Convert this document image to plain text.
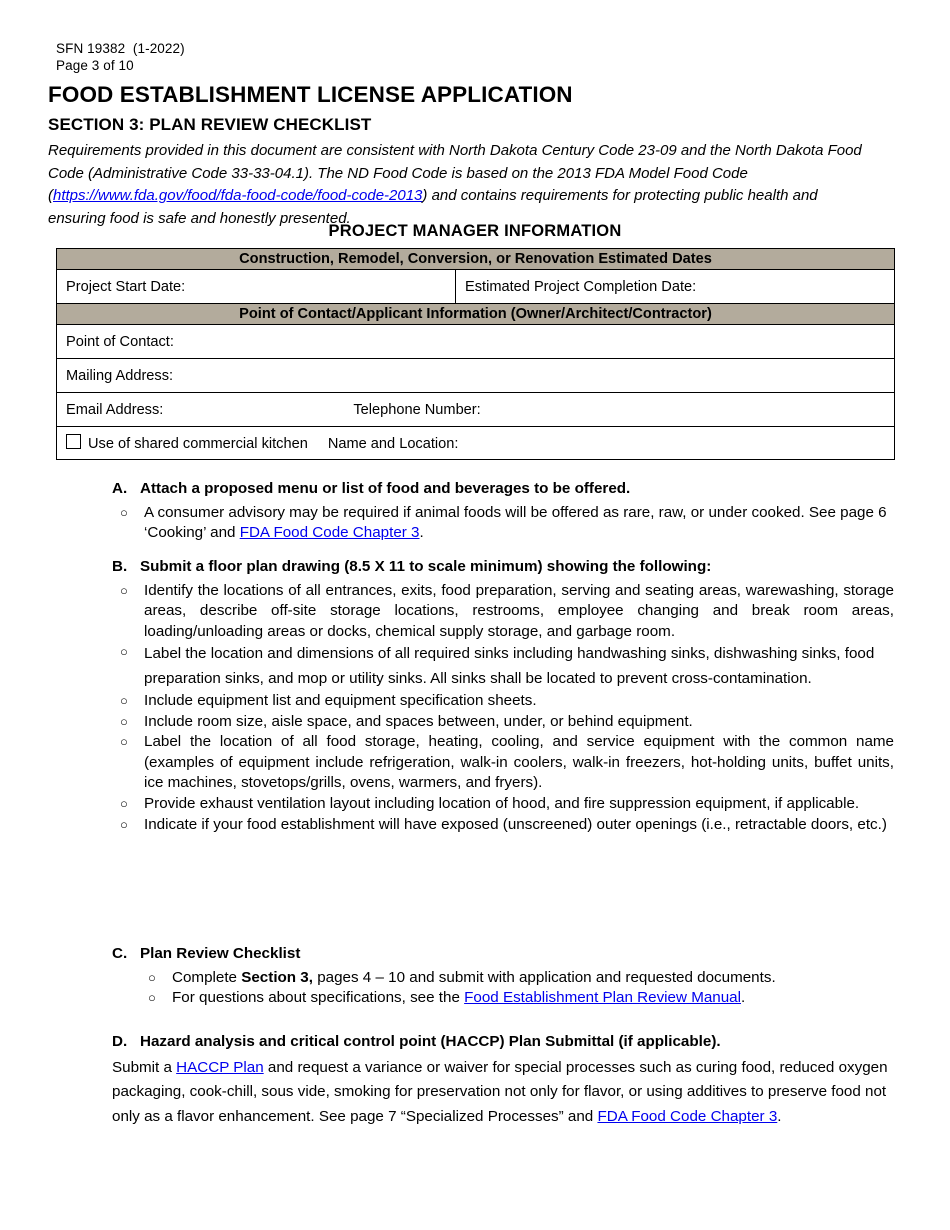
SFN 19382  (1-2022)
Page 3 of 10
FOOD ESTABLISHMENT LICENSE APPLICATION
SECTION 3: PLAN REVIEW CHECKLIST
Requirements provided in this document are consistent with North Dakota Century Code 23-09 and the North Dakota Food Code (Administrative Code 33-33-04.1). The ND Food Code is based on the 2013 FDA Model Food Code (https://www.fda.gov/food/fda-food-code/food-code-2013) and contains requirements for protecting public health and ensuring food is safe and honestly presented.
PROJECT MANAGER INFORMATION
Construction, Remodel, Conversion, or Renovation Estimated Dates
Project Start Date:	Estimated Project Completion Date:
Point of Contact/Applicant Information (Owner/Architect/Contractor)
Point of Contact:
Mailing Address:
Email Address:	Telephone Number:
Use of shared commercial kitchen Name and Location:
A. Attach a proposed menu or list of food and beverages to be offered.
○ A consumer advisory may be required if animal foods will be offered as rare, raw, or under cooked. See page 6 ‘Cooking’ and FDA Food Code Chapter 3.
B. Submit a floor plan drawing (8.5 X 11 to scale minimum) showing the following:
○ Identify the locations of all entrances, exits, food preparation, serving and seating areas, warewashing, storage areas, describe off-site storage locations, restrooms, employee changing and break room areas, loading/unloading areas or docks, chemical supply storage, and garbage room.
○ Label the location and dimensions of all required sinks including handwashing sinks, dishwashing sinks, food preparation sinks, and mop or utility sinks. All sinks shall be located to prevent cross-contamination.
○ Include equipment list and equipment specification sheets.
○ Include room size, aisle space, and spaces between, under, or behind equipment.
○ Label the location of all food storage, heating, cooling, and service equipment with the common name (examples of equipment include refrigeration, walk-in coolers, walk-in freezers, hot-holding units, buffet units, ice machines, stovetops/grills, ovens, warmers, and fryers).
○ Provide exhaust ventilation layout including location of hood, and fire suppression equipment, if applicable.
○ Indicate if your food establishment will have exposed (unscreened) outer openings (i.e., retractable doors, etc.)
C. Plan Review Checklist
○ Complete Section 3, pages 4 – 10 and submit with application and requested documents.
○ For questions about specifications, see the Food Establishment Plan Review Manual.
D. Hazard analysis and critical control point (HACCP) Plan Submittal (if applicable).
Submit a HACCP Plan and request a variance or waiver for special processes such as curing food, reduced oxygen packaging, cook-chill, sous vide, smoking for preservation not only for flavor, or using additives to preserve food not only as a flavor enhancement. See page 7 “Specialized Processes” and FDA Food Code Chapter 3.
